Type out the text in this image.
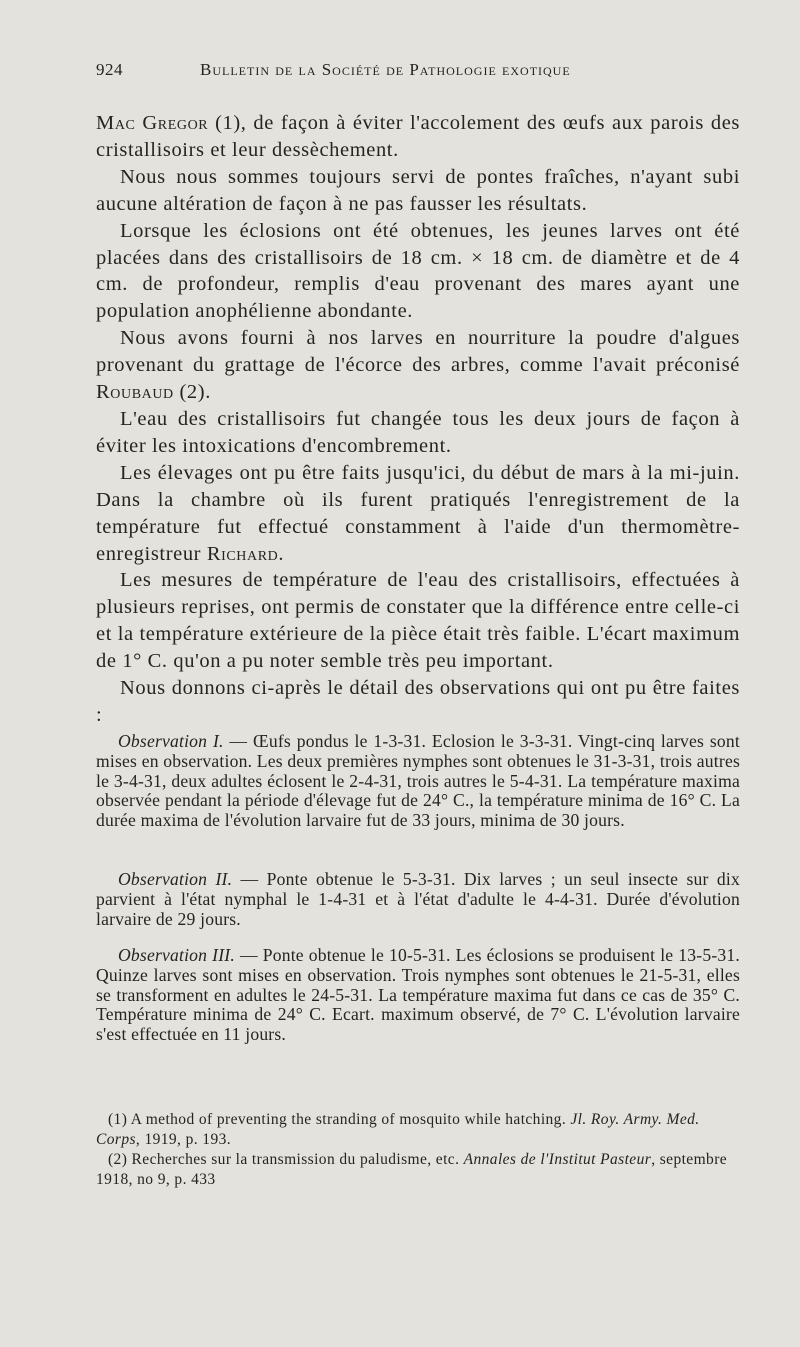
924	Bulletin de la Société de Pathologie exotique

Mac Gregor (1), de façon à éviter l'accolement des œufs aux parois des cristallisoirs et leur dessèchement.

Nous nous sommes toujours servi de pontes fraîches, n'ayant subi aucune altération de façon à ne pas fausser les résultats.

Lorsque les éclosions ont été obtenues, les jeunes larves ont été placées dans des cristallisoirs de 18 cm. × 18 cm. de diamètre et de 4 cm. de profondeur, remplis d'eau provenant des mares ayant une population anophélienne abondante.

Nous avons fourni à nos larves en nourriture la poudre d'algues provenant du grattage de l'écorce des arbres, comme l'avait préconisé Roubaud (2).

L'eau des cristallisoirs fut changée tous les deux jours de façon à éviter les intoxications d'encombrement.

Les élevages ont pu être faits jusqu'ici, du début de mars à la mi-juin. Dans la chambre où ils furent pratiqués l'enregistrement de la température fut effectué constamment à l'aide d'un thermomètre-enregistreur Richard.

Les mesures de température de l'eau des cristallisoirs, effectuées à plusieurs reprises, ont permis de constater que la différence entre celle-ci et la température extérieure de la pièce était très faible. L'écart maximum de 1° C. qu'on a pu noter semble très peu important.

Nous donnons ci-après le détail des observations qui ont pu être faites :

Observation I. — Œufs pondus le 1-3-31. Eclosion le 3-3-31. Vingt-cinq larves sont mises en observation. Les deux premières nymphes sont obtenues le 31-3-31, trois autres le 3-4-31, deux adultes éclosent le 2-4-31, trois autres le 5-4-31. La température maxima observée pendant la période d'élevage fut de 24° C., la température minima de 16° C. La durée maxima de l'évolution larvaire fut de 33 jours, minima de 30 jours.

Observation II. — Ponte obtenue le 5-3-31. Dix larves ; un seul insecte sur dix parvient à l'état nymphal le 1-4-31 et à l'état d'adulte le 4-4-31. Durée d'évolution larvaire de 29 jours.

Observation III. — Ponte obtenue le 10-5-31. Les éclosions se produisent le 13-5-31. Quinze larves sont mises en observation. Trois nymphes sont obtenues le 21-5-31, elles se transforment en adultes le 24-5-31. La température maxima fut dans ce cas de 35° C. Température minima de 24° C. Ecart. maximum observé, de 7° C. L'évolution larvaire s'est effectuée en 11 jours.

(1) A method of preventing the stranding of mosquito while hatching. Jl. Roy. Army. Med. Corps, 1919, p. 193.

(2) Recherches sur la transmission du paludisme, etc. Annales de l'Institut Pasteur, septembre 1918, no 9, p. 433
